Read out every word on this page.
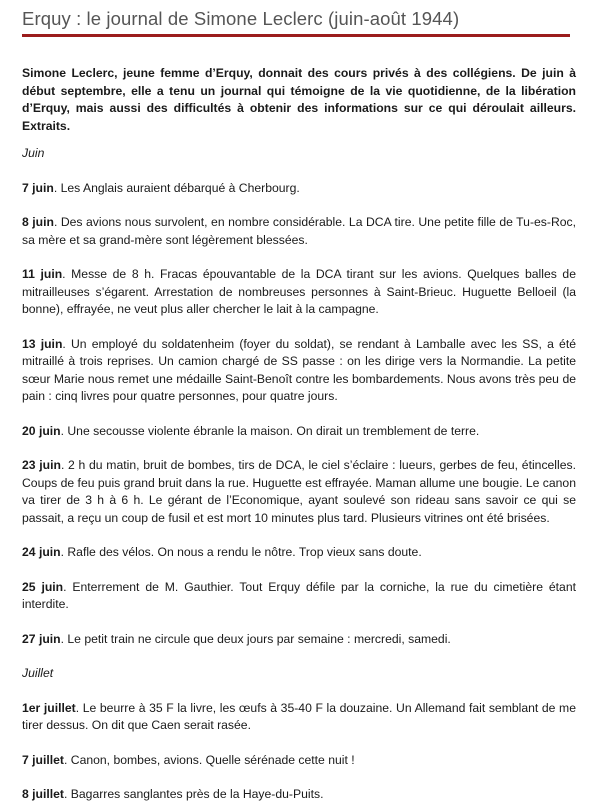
Erquy : le journal de Simone Leclerc (juin-août 1944)

Simone Leclerc, jeune femme d’Erquy, donnait des cours privés à des collégiens. De juin à début septembre, elle a tenu un journal qui témoigne de la vie quotidienne, de la libération d’Erquy, mais aussi des difficultés à obtenir des informations sur ce qui déroulait ailleurs. Extraits.

Juin

7 juin. Les Anglais auraient débarqué à Cherbourg.

8 juin. Des avions nous survolent, en nombre considérable. La DCA tire. Une petite fille de Tu-es-Roc, sa mère et sa grand-mère sont légèrement blessées.

11 juin. Messe de 8 h. Fracas épouvantable de la DCA tirant sur les avions. Quelques balles de mitrailleuses s’égarent. Arrestation de nombreuses personnes à Saint-Brieuc. Huguette Belloeil (la bonne), effrayée, ne veut plus aller chercher le lait à la campagne.

13 juin. Un employé du soldatenheim (foyer du soldat), se rendant à Lamballe avec les SS, a été mitraillé à trois reprises. Un camion chargé de SS passe : on les dirige vers la Normandie. La petite sœur Marie nous remet une médaille Saint-Benoît contre les bombardements. Nous avons très peu de pain : cinq livres pour quatre personnes, pour quatre jours.

20 juin. Une secousse violente ébranle la maison. On dirait un tremblement de terre.

23 juin. 2 h du matin, bruit de bombes, tirs de DCA, le ciel s’éclaire : lueurs, gerbes de feu, étincelles. Coups de feu puis grand bruit dans la rue. Huguette est effrayée. Maman allume une bougie. Le canon va tirer de 3 h à 6 h. Le gérant de l’Economique, ayant soulevé son rideau sans savoir ce qui se passait, a reçu un coup de fusil et est mort 10 minutes plus tard. Plusieurs vitrines ont été brisées.

24 juin. Rafle des vélos. On nous a rendu le nôtre. Trop vieux sans doute.

25 juin. Enterrement de M. Gauthier. Tout Erquy défile par la corniche, la rue du cimetière étant interdite.

27 juin. Le petit train ne circule que deux jours par semaine : mercredi, samedi.

Juillet

1er juillet. Le beurre à 35 F la livre, les œufs à 35-40 F la douzaine. Un Allemand fait semblant de me tirer dessus. On dit que Caen serait rasée.

7 juillet. Canon, bombes, avions. Quelle sérénade cette nuit !

8 juillet. Bagarres sanglantes près de la Haye-du-Puits.
